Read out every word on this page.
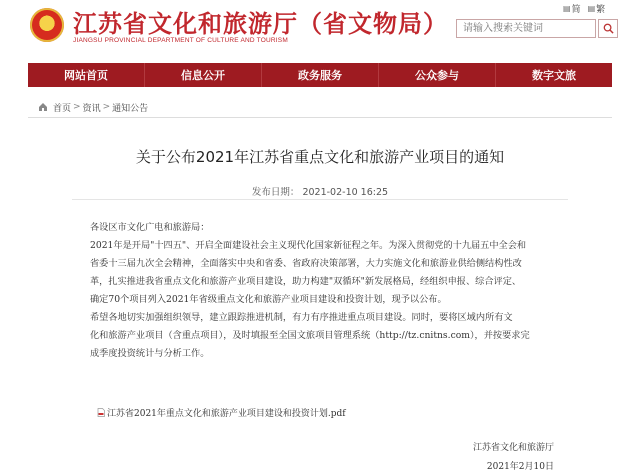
★
江苏省文化和旅游厅（省文物局）
JIANGSU PROVINCIAL DEPARTMENT OF CULTURE AND TOURISM
▤ 简 ▤ 繁
请输入搜索关键词
网站首页	信息公开	政务服务	公众参与	数字文旅
首页 > 资讯 > 通知公告
关于公布2021年江苏省重点文化和旅游产业项目的通知
发布日期： 2021-02-10 16:25
各设区市文化广电和旅游局：
2021年是开局"十四五"、开启全面建设社会主义现代化国家新征程之年。为深入贯彻党的十九届五中全会和
省委十三届九次全会精神，全面落实中央和省委、省政府决策部署，大力实施文化和旅游业供给侧结构性改
革，扎实推进我省重点文化和旅游产业项目建设，助力构建"双循环"新发展格局，经组织申报、综合评定、
确定70个项目列入2021年省级重点文化和旅游产业项目建设和投资计划，现予以公布。
希望各地切实加强组织领导，建立跟踪推进机制，有力有序推进重点项目建设。同时，要将区域内所有文
化和旅游产业项目（含重点项目），及时填报至全国文旅项目管理系统（http://tz.cnitns.com），并按要求完
成季度投资统计与分析工作。
江苏省2021年重点文化和旅游产业项目建设和投资计划.pdf
江苏省文化和旅游厅
2021年2月10日
